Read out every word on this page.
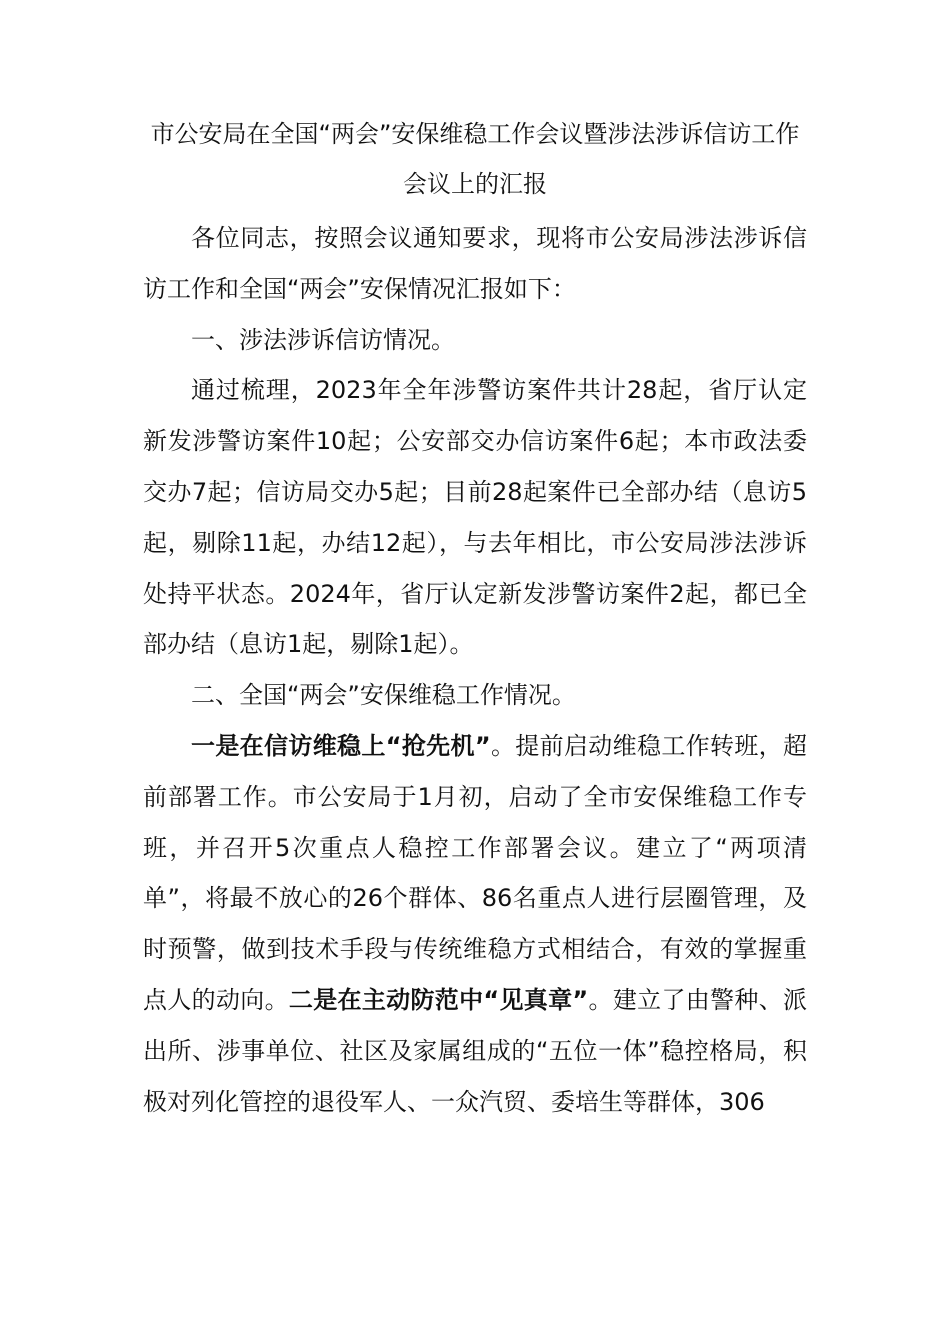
市公安局在全国“两会”安保维稳工作会议暨涉法涉诉信访工作会议上的汇报

各位同志，按照会议通知要求，现将市公安局涉法涉诉信访工作和全国“两会”安保情况汇报如下：

一、涉法涉诉信访情况。

通过梳理，2023年全年涉警访案件共计28起，省厅认定新发涉警访案件10起；公安部交办信访案件6起；本市政法委交办7起；信访局交办5起；目前28起案件已全部办结（息访5起，剔除11起，办结12起），与去年相比，市公安局涉法涉诉处持平状态。2024年，省厅认定新发涉警访案件2起，都已全部办结（息访1起，剔除1起）。

二、全国“两会”安保维稳工作情况。

一是在信访维稳上“抢先机”。提前启动维稳工作转班，超前部署工作。市公安局于1月初，启动了全市安保维稳工作专班，并召开5次重点人稳控工作部署会议。建立了“两项清单”，将最不放心的26个群体、86名重点人进行层圈管理，及时预警，做到技术手段与传统维稳方式相结合，有效的掌握重点人的动向。二是在主动防范中“见真章”。建立了由警种、派出所、涉事单位、社区及家属组成的“五位一体”稳控格局，积极对列化管控的退役军人、一众汽贸、委培生等群体，306
